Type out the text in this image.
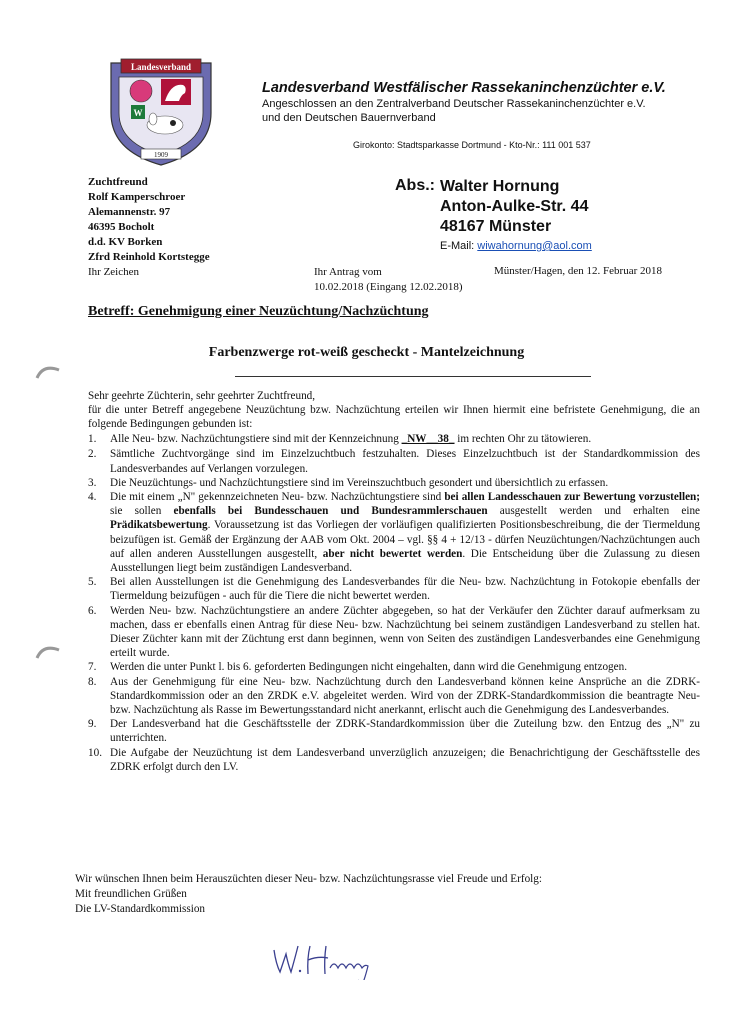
Landesverband
W
1909
Landesverband Westfälischer Rassekaninchenzüchter e.V.
Angeschlossen an den Zentralverband Deutscher Rassekaninchenzüchter e.V.
und den Deutschen Bauernverband
Girokonto: Stadtsparkasse Dortmund - Kto-Nr.: 111 001 537
Zuchtfreund
Rolf Kamperschroer
Alemannenstr. 97
46395 Bocholt
d.d. KV Borken
Zfrd Reinhold Kortstegge
Ihr Zeichen
Abs.: Walter Hornung
Anton-Aulke-Str. 44
48167 Münster
E-Mail: wiwahornung@aol.com
Ihr Antrag vom
10.02.2018 (Eingang 12.02.2018)
Münster/Hagen, den 12. Februar 2018
Betreff: Genehmigung einer Neuzüchtung/Nachzüchtung
Farbenzwerge rot-weiß gescheckt - Mantelzeichnung

Sehr geehrte Züchterin, sehr geehrter Zuchtfreund,

für die unter Betreff angegebene Neuzüchtung bzw. Nachzüchtung erteilen wir Ihnen hiermit eine befristete Genehmigung, die an folgende Bedingungen gebunden ist:

1. Alle Neu- bzw. Nachzüchtungstiere sind mit der Kennzeichnung _NW__38_ im rechten Ohr zu tätowieren.
2. Sämtliche Zuchtvorgänge sind im Einzelzuchtbuch festzuhalten. Dieses Einzelzuchtbuch ist der Standardkommission des Landesverbandes auf Verlangen vorzulegen.
3. Die Neuzüchtungs- und Nachzüchtungstiere sind im Vereinszuchtbuch gesondert und übersichtlich zu erfassen.
4. Die mit einem „N" gekennzeichneten Neu- bzw. Nachzüchtungstiere sind bei allen Landesschauen zur Bewertung vorzustellen; sie sollen ebenfalls bei Bundesschauen und Bundesrammlerschauen ausgestellt werden und erhalten eine Prädikatsbewertung. Voraussetzung ist das Vorliegen der vorläufigen qualifizierten Positionsbeschreibung, die der Tiermeldung beizufügen ist. Gemäß der Ergänzung der AAB vom Okt. 2004 – vgl. §§ 4 + 12/13 - dürfen Neuzüchtungen/Nachzüchtungen auch auf allen anderen Ausstellungen ausgestellt, aber nicht bewertet werden. Die Entscheidung über die Zulassung zu diesen Ausstellungen liegt beim zuständigen Landesverband.
5. Bei allen Ausstellungen ist die Genehmigung des Landesverbandes für die Neu- bzw. Nachzüchtung in Fotokopie ebenfalls der Tiermeldung beizufügen - auch für die Tiere die nicht bewertet werden.
6. Werden Neu- bzw. Nachzüchtungstiere an andere Züchter abgegeben, so hat der Verkäufer den Züchter darauf aufmerksam zu machen, dass er ebenfalls einen Antrag für diese Neu- bzw. Nachzüchtung bei seinem zuständigen Landesverband zu stellen hat. Dieser Züchter kann mit der Züchtung erst dann beginnen, wenn von Seiten des zuständigen Landesverbandes eine Genehmigung erteilt wurde.
7. Werden die unter Punkt l. bis 6. geforderten Bedingungen nicht eingehalten, dann wird die Genehmigung entzogen.
8. Aus der Genehmigung für eine Neu- bzw. Nachzüchtung durch den Landesverband können keine Ansprüche an die ZDRK-Standardkommission oder an den ZRDK e.V. abgeleitet werden. Wird von der ZDRK-Standardkommission die beantragte Neu- bzw. Nachzüchtung als Rasse im Bewertungsstandard nicht anerkannt, erlischt auch die Genehmigung des Landesverbandes.
9. Der Landesverband hat die Geschäftsstelle der ZDRK-Standardkommission über die Zuteilung bzw. den Entzug des „N" zu unterrichten.
10. Die Aufgabe der Neuzüchtung ist dem Landesverband unverzüglich anzuzeigen; die Benachrichtigung der Geschäftsstelle des ZDRK erfolgt durch den LV.
Wir wünschen Ihnen beim Herauszüchten dieser Neu- bzw. Nachzüchtungsrasse viel Freude und Erfolg:
Mit freundlichen Grüßen
Die LV-Standardkommission
